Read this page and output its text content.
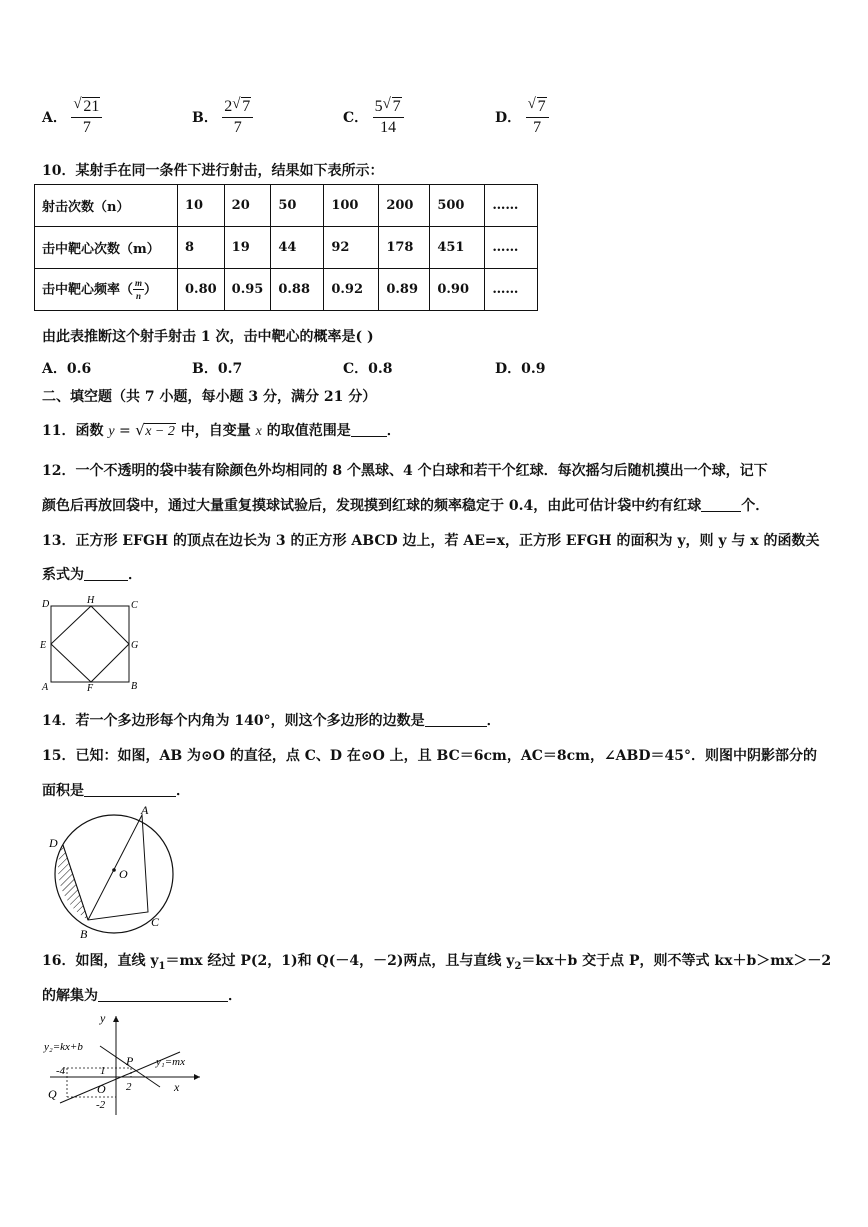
A． $\frac{√ 21}{7}$	B． $\frac{2 √ 7}{7}$	C． $\frac{5 √ 7}{14}$	D． $\frac{√ 7}{7}$
10．某射手在同一条件下进行射击，结果如下表所示：
射击次数（n）	10	20	50	100	200	500	……
击中靶心次数（m）	8	19	44	92	178	451	……
击中靶心频率（ $\frac{m}{n}$ ）	0.80	0.95	0.88	0.92	0.89	0.90	……
由此表推断这个射手射击 1 次，击中靶心的概率是( )
A．0.6	B．0.7	C．0.8	D．0.9
二、填空题（共 7 小题，每小题 3 分，满分 21 分）
11．函数 y = √ x − 2 中，自变量 x 的取值范围是	．
12．一个不透明的袋中装有除颜色外均相同的 8 个黑球、4 个白球和若干个红球．每次摇匀后随机摸出一个球，记下
颜色后再放回袋中，通过大量重复摸球试验后，发现摸到红球的频率稳定于 0.4，由此可估计袋中约有红球	个．
13．正方形 EFGH 的顶点在边长为 3 的正方形 ABCD 边上，若 AE=x，正方形 EFGH 的面积为 y，则 y 与 x 的函数关
系式为	．
D	H	C
E	G
A	F	B
14．若一个多边形每个内角为 140°，则这个多边形的边数是	．
15．已知：如图，AB 为⊙O 的直径，点 C、D 在⊙O 上，且 BC＝6cm，AC＝8cm，∠ABD＝45°．则图中阴影部分的
面积是	．
A
B
C
D
O
16．如图，直线 $y_1=mx$ 经过 P(2，1)和 Q(－4，－2)两点，且与直线 $y_2=kx+b$ 交于点 P，则不等式 kx＋b＞mx＞－2
的解集为	．
y
x
y₂=kx+b
y₁=mx
P
Q	O
-4	1
2
-2
